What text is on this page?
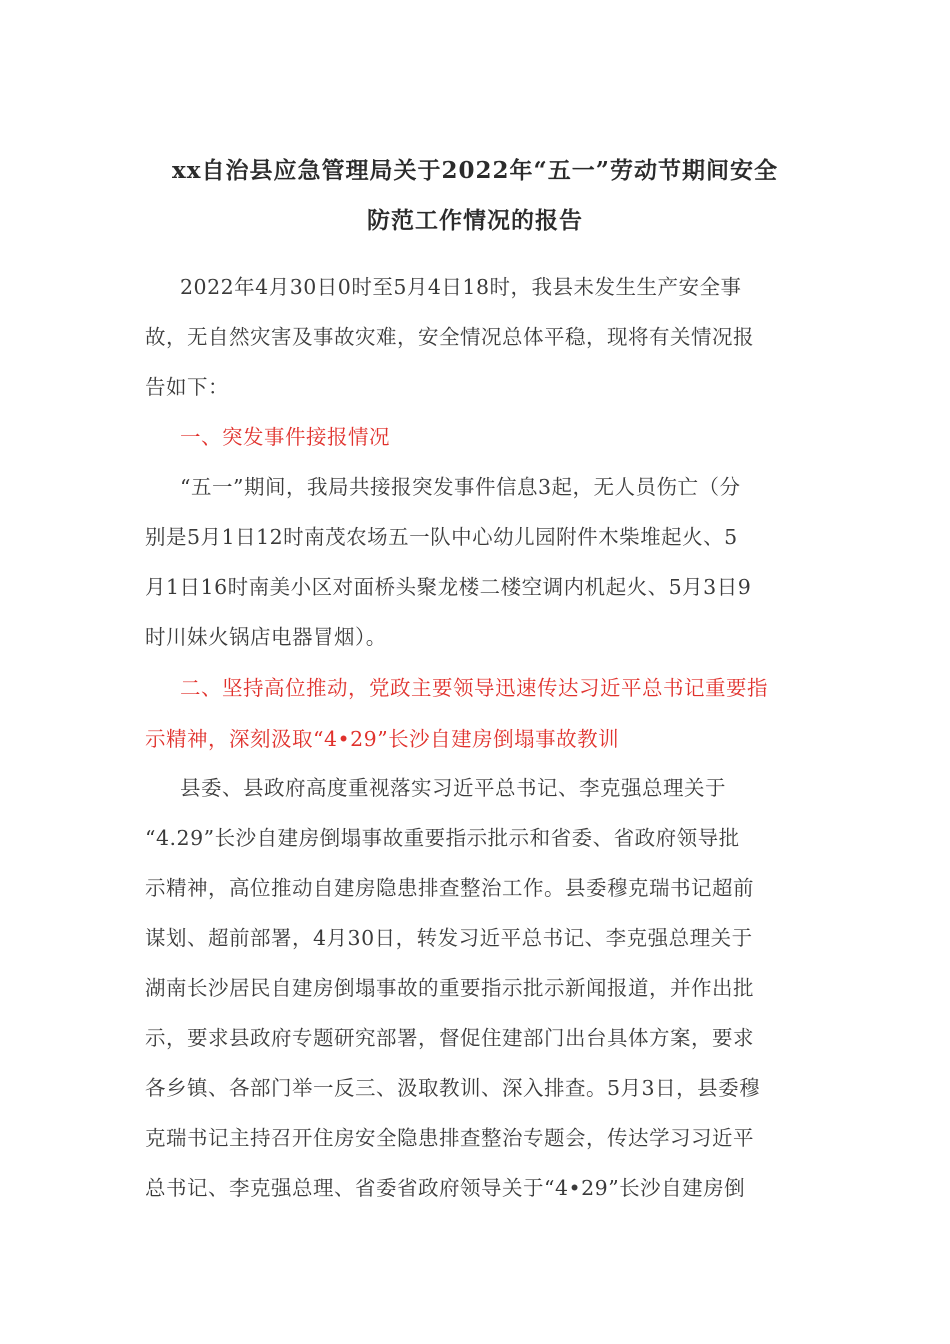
xx自治县应急管理局关于2022年“五一”劳动节期间安全
防范工作情况的报告
2022年4月30日0时至5月4日18时，我县未发生生产安全事
故，无自然灾害及事故灾难，安全情况总体平稳，现将有关情况报
告如下：
一、突发事件接报情况
“五一”期间，我局共接报突发事件信息3起，无人员伤亡（分
别是5月1日12时南茂农场五一队中心幼儿园附件木柴堆起火、5
月1日16时南美小区对面桥头聚龙楼二楼空调内机起火、5月3日9
时川妹火锅店电器冒烟）。
二、坚持高位推动，党政主要领导迅速传达习近平总书记重要指
示精神，深刻汲取“4•29”长沙自建房倒塌事故教训
县委、县政府高度重视落实习近平总书记、李克强总理关于
“4.29”长沙自建房倒塌事故重要指示批示和省委、省政府领导批
示精神，高位推动自建房隐患排查整治工作。县委穆克瑞书记超前
谋划、超前部署，4月30日，转发习近平总书记、李克强总理关于
湖南长沙居民自建房倒塌事故的重要指示批示新闻报道，并作出批
示，要求县政府专题研究部署，督促住建部门出台具体方案，要求
各乡镇、各部门举一反三、汲取教训、深入排查。5月3日，县委穆
克瑞书记主持召开住房安全隐患排查整治专题会，传达学习习近平
总书记、李克强总理、省委省政府领导关于“4•29”长沙自建房倒
